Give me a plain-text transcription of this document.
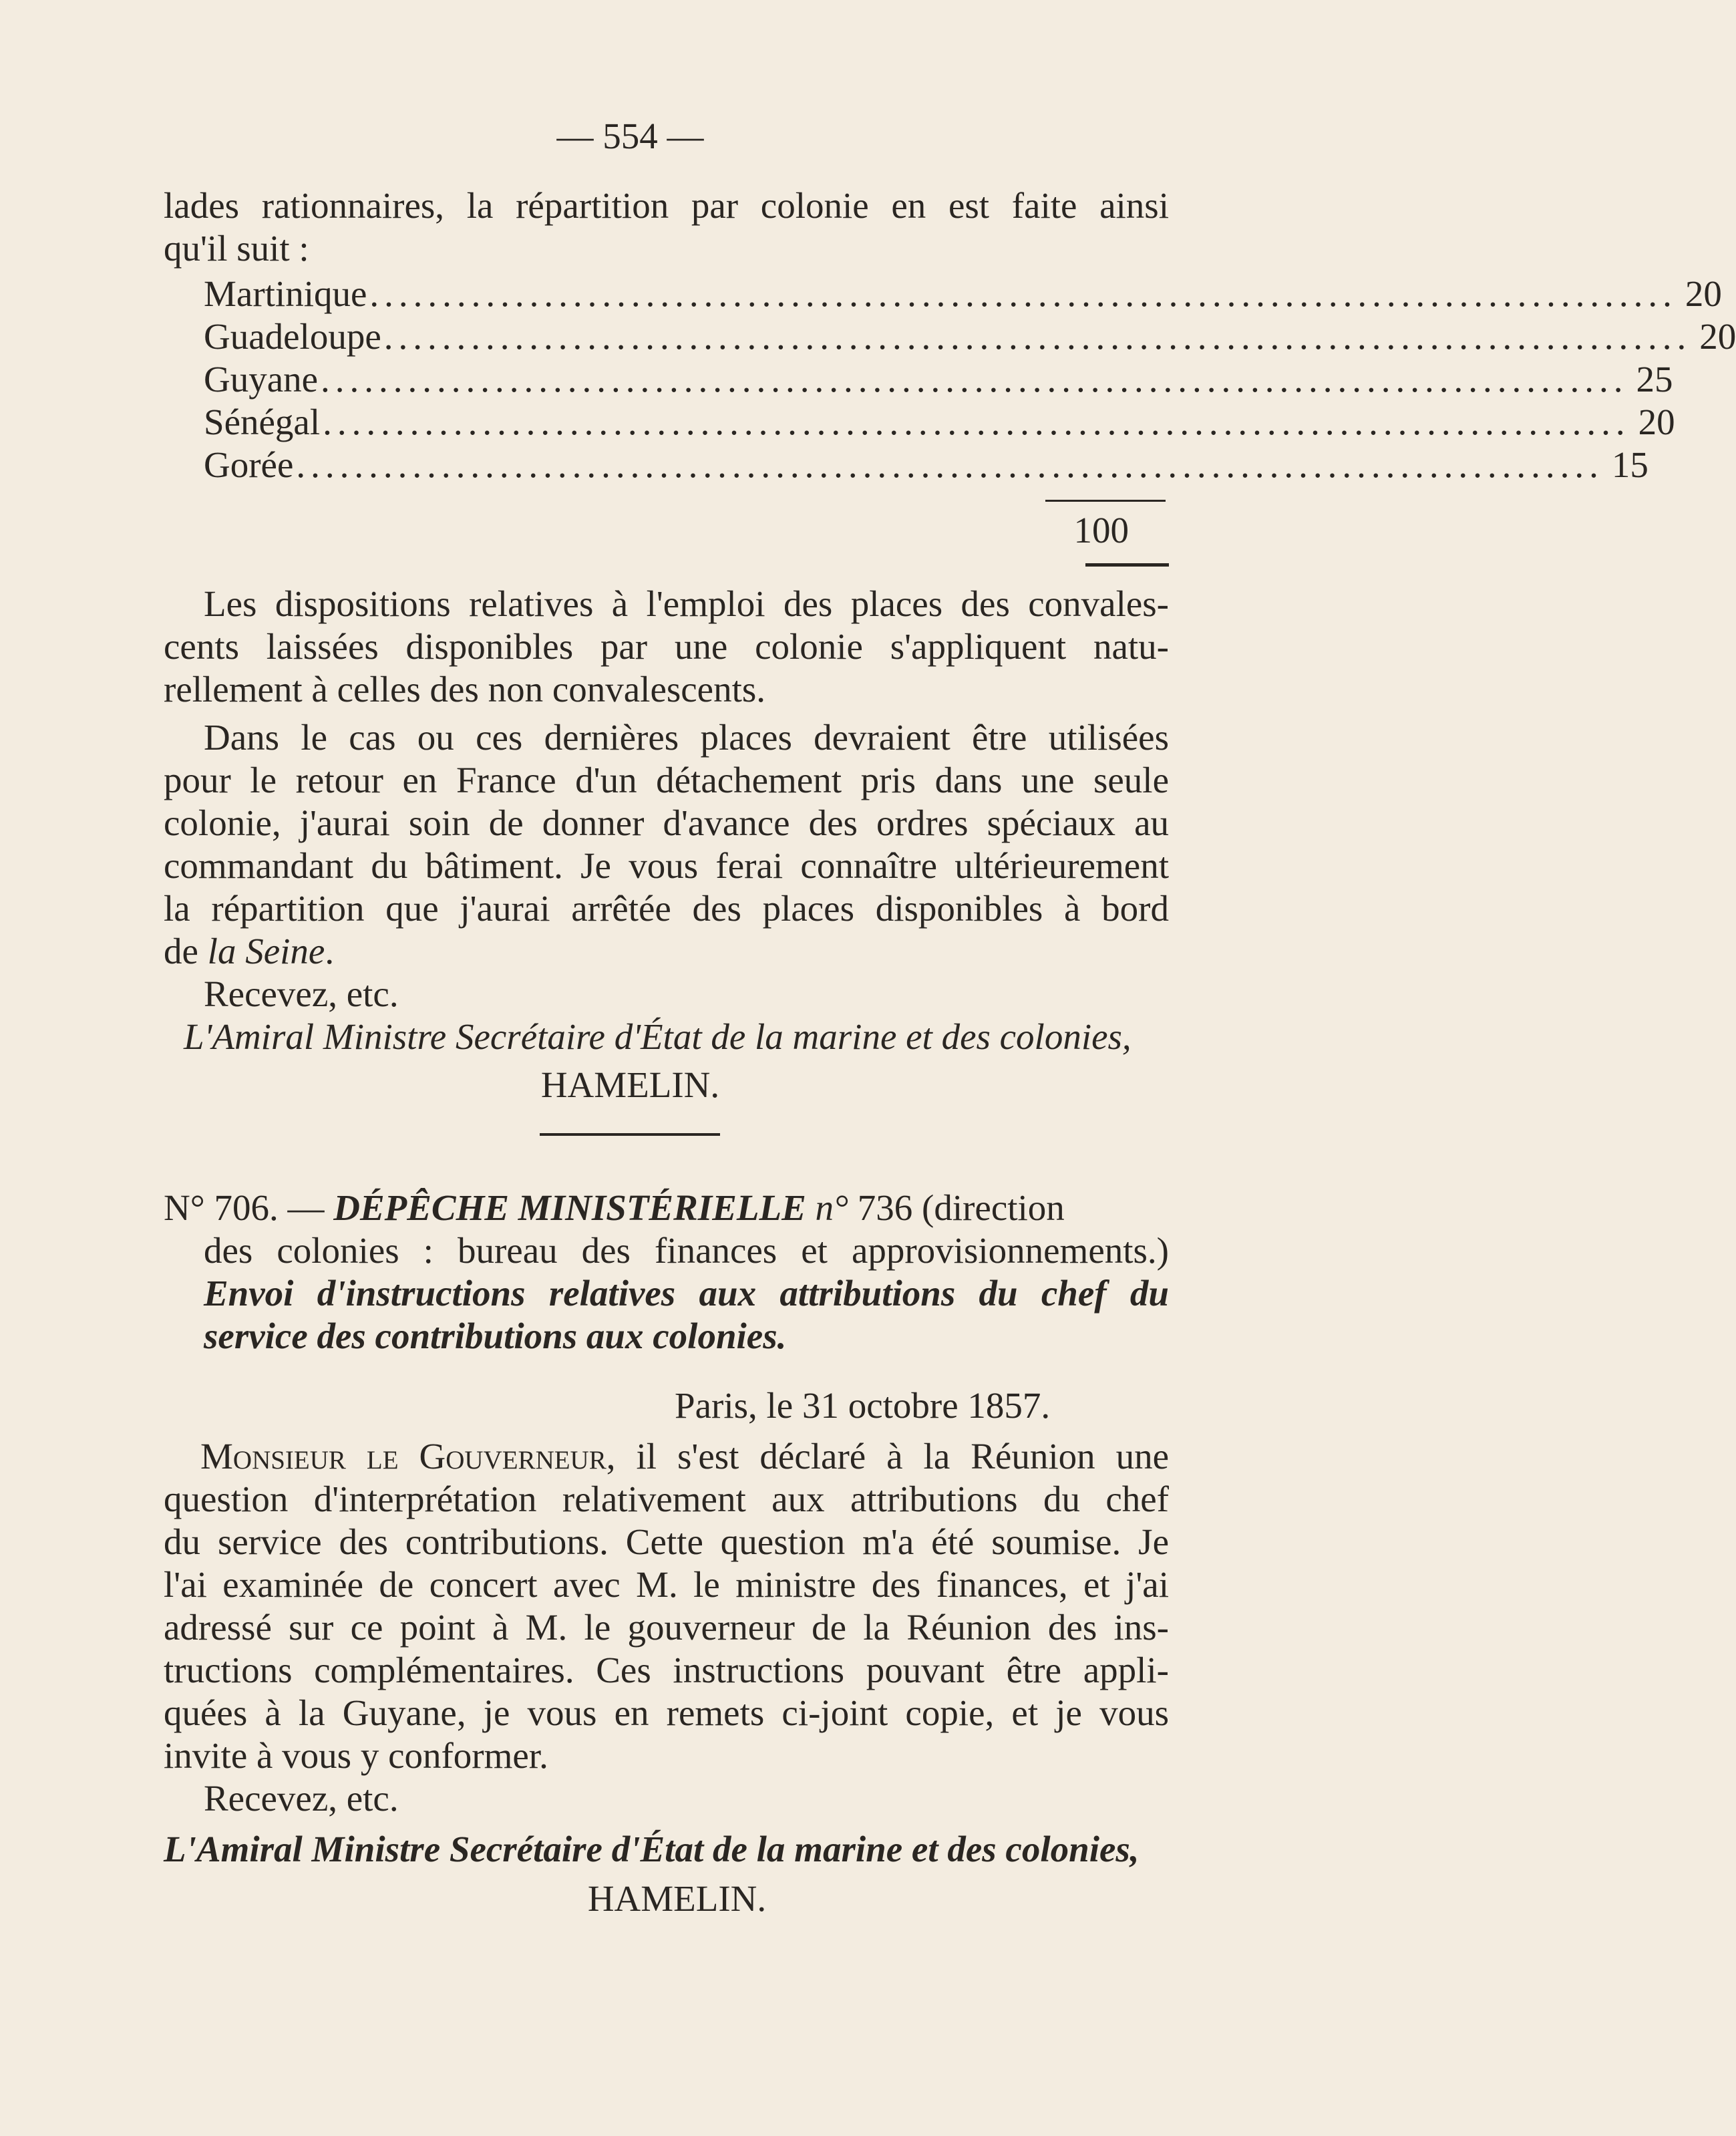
— 554 —
lades rationnaires, la répartition par colonie en est faite ainsi
qu'il suit :
Martinique .......................................................................................... 20
Guadeloupe .......................................................................................... 20
Guyane .......................................................................................... 25
Sénégal .......................................................................................... 20
Gorée .......................................................................................... 15
100
Les dispositions relatives à l'emploi des places des convales-
cents laissées disponibles par une colonie s'appliquent natu-
rellement à celles des non convalescents.
Dans le cas ou ces dernières places devraient être utilisées
pour le retour en France d'un détachement pris dans une seule
colonie, j'aurai soin de donner d'avance des ordres spéciaux au
commandant du bâtiment. Je vous ferai connaître ultérieurement
la répartition que j'aurai arrêtée des places disponibles à bord
de la Seine.
Recevez, etc.
L'Amiral Ministre Secrétaire d'État de la marine et des colonies,
HAMELIN.
N° 706. — DÉPÊCHE MINISTÉRIELLE n° 736 (direction
des colonies : bureau des finances et approvisionnements.)
Envoi d'instructions relatives aux attributions du chef du
service des contributions aux colonies.
Paris, le 31 octobre 1857.
Monsieur le Gouverneur, il s'est déclaré à la Réunion une
question d'interprétation relativement aux attributions du chef
du service des contributions. Cette question m'a été soumise. Je
l'ai examinée de concert avec M. le ministre des finances, et j'ai
adressé sur ce point à M. le gouverneur de la Réunion des ins-
tructions complémentaires. Ces instructions pouvant être appli-
quées à la Guyane, je vous en remets ci-joint copie, et je vous
invite à vous y conformer.
Recevez, etc.
L'Amiral Ministre Secrétaire d'État de la marine et des colonies,
HAMELIN.
